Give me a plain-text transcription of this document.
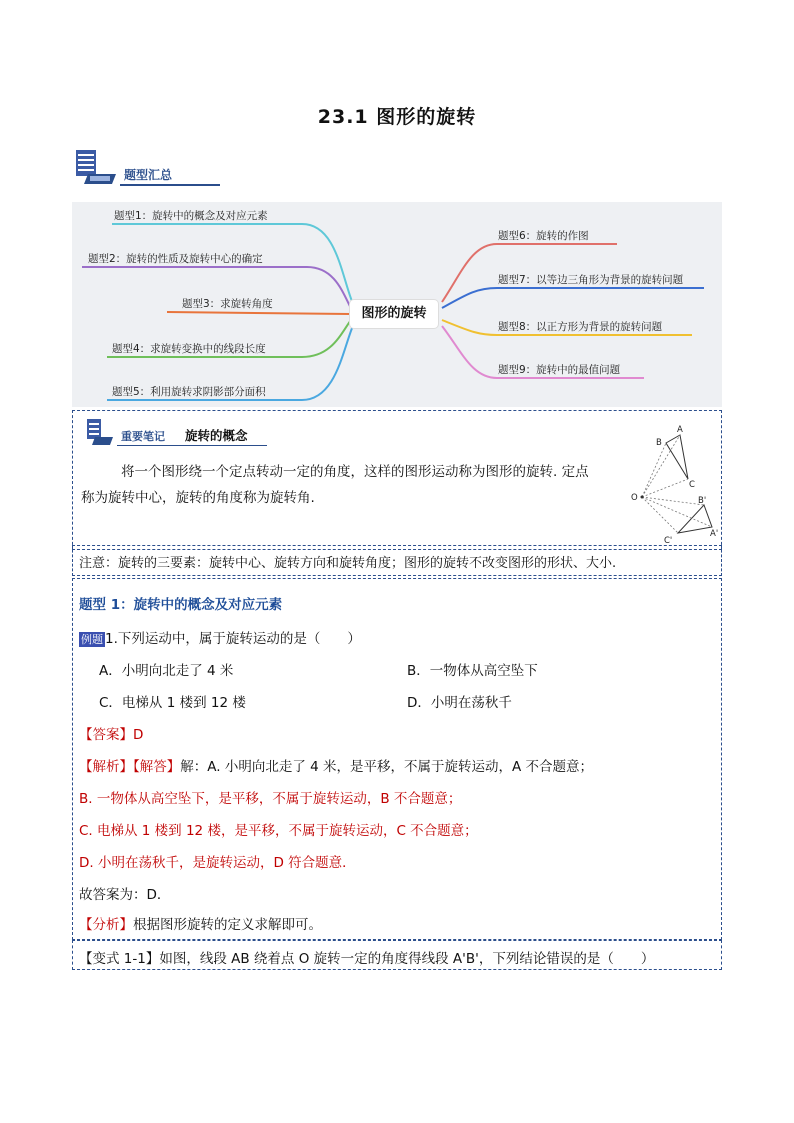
23.1 图形的旋转
题型汇总
题型1：旋转中的概念及对应元素
题型2：旋转的性质及旋转中心的确定
题型3：求旋转角度
题型4：求旋转变换中的线段长度
题型5：利用旋转求阴影部分面积
图形的旋转
题型6：旋转的作图
题型7：以等边三角形为背景的旋转问题
题型8：以正方形为背景的旋转问题
题型9：旋转中的最值问题
重要笔记 旋转的概念
将一个图形绕一个定点转动一定的角度，这样的图形运动称为图形的旋转. 定点
称为旋转中心，旋转的角度称为旋转角.
B
A
C
O	B'
A'
C'
注意：旋转的三要素：旋转中心、旋转方向和旋转角度；图形的旋转不改变图形的形状、大小.
题型 1：旋转中的概念及对应元素
例题 1.下列运动中，属于旋转运动的是（　　）
A．小明向北走了 4 米	B．一物体从高空坠下
C．电梯从 1 楼到 12 楼	D．小明在荡秋千
【答案】D
【解析】【解答】解：A. 小明向北走了 4 米，是平移，不属于旋转运动，A 不合题意；
B. 一物体从高空坠下，是平移，不属于旋转运动，B 不合题意；
C. 电梯从 1 楼到 12 楼，是平移，不属于旋转运动，C 不合题意；
D. 小明在荡秋千，是旋转运动，D 符合题意．
故答案为：D．
【分析】根据图形旋转的定义求解即可。
【变式 1-1】如图，线段 AB 绕着点 O 旋转一定的角度得线段 A'B'，下列结论错误的是（　　）
